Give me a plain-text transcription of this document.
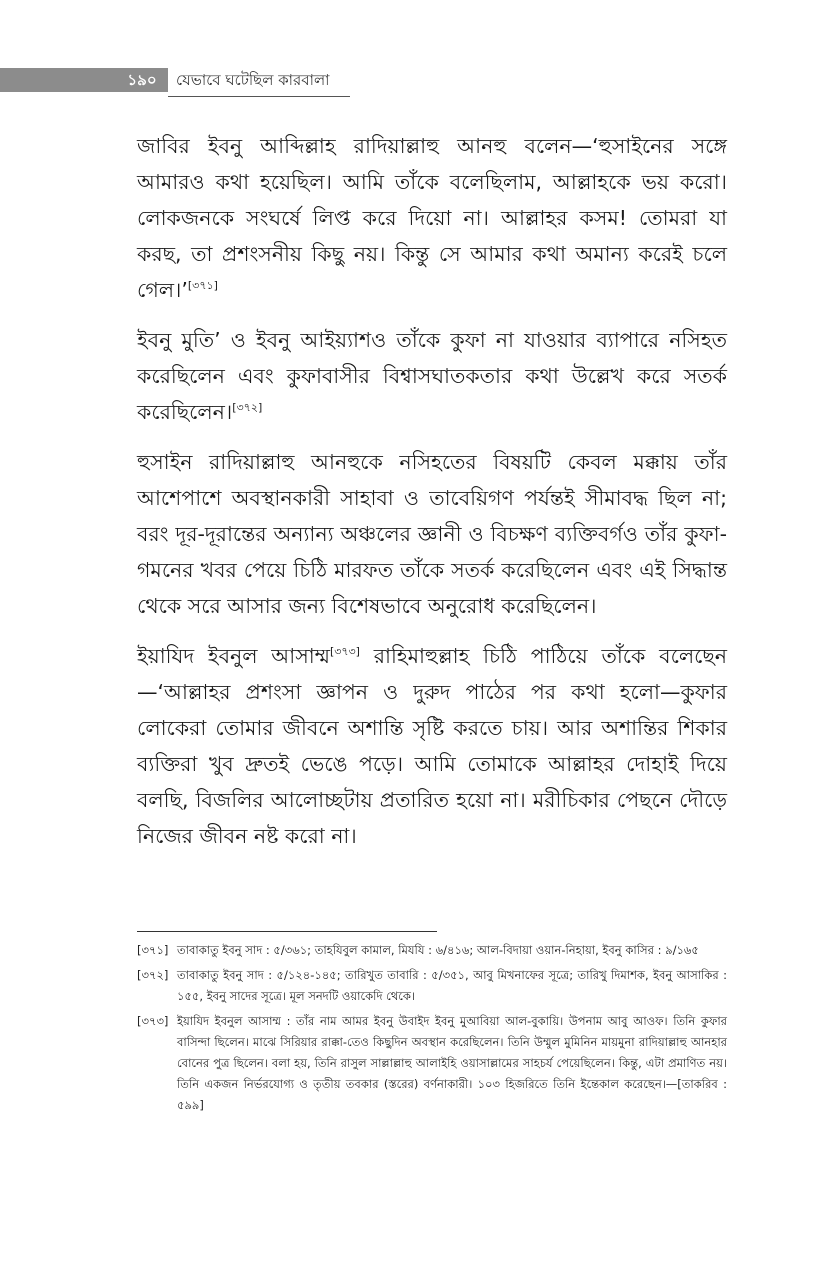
১৯০	যেভাবে ঘটেছিল কারবালা

জাবির ইবনু আব্দিল্লাহ রাদিয়াল্লাহু আনহু বলেন—‘হুসাইনের সঙ্গে আমারও কথা হয়েছিল। আমি তাঁকে বলেছিলাম, আল্লাহকে ভয় করো। লোকজনকে সংঘর্ষে লিপ্ত করে দিয়ো না। আল্লাহর কসম! তোমরা যা করছ, তা প্রশংসনীয় কিছু নয়। কিন্তু সে আমার কথা অমান্য করেই চলে গেল।’[৩৭১]

ইবনু মুতি’ ও ইবনু আইয়্যাশও তাঁকে কুফা না যাওয়ার ব্যাপারে নসিহত করেছিলেন এবং কুফাবাসীর বিশ্বাসঘাতকতার কথা উল্লেখ করে সতর্ক করেছিলেন।[৩৭২]

হুসাইন রাদিয়াল্লাহু আনহুকে নসিহতের বিষয়টি কেবল মক্কায় তাঁর আশেপাশে অবস্থানকারী সাহাবা ও তাবেয়িগণ পর্যন্তই সীমাবদ্ধ ছিল না; বরং দূর-দূরান্তের অন্যান্য অঞ্চলের জ্ঞানী ও বিচক্ষণ ব্যক্তিবর্গও তাঁর কুফা-গমনের খবর পেয়ে চিঠি মারফত তাঁকে সতর্ক করেছিলেন এবং এই সিদ্ধান্ত থেকে সরে আসার জন্য বিশেষভাবে অনুরোধ করেছিলেন।

ইয়াযিদ ইবনুল আসাম্ম[৩৭৩] রাহিমাহুল্লাহ চিঠি পাঠিয়ে তাঁকে বলেছেন—‘আল্লাহর প্রশংসা জ্ঞাপন ও দুরুদ পাঠের পর কথা হলো—কুফার লোকেরা তোমার জীবনে অশান্তি সৃষ্টি করতে চায়। আর অশান্তির শিকার ব্যক্তিরা খুব দ্রুতই ভেঙে পড়ে। আমি তোমাকে আল্লাহর দোহাই দিয়ে বলছি, বিজলির আলোচ্ছটায় প্রতারিত হয়ো না। মরীচিকার পেছনে দৌড়ে নিজের জীবন নষ্ট করো না।

[৩৭১] তাবাকাতু ইবনু সাদ : ৫/৩৬১; তাহযিবুল কামাল, মিযযি : ৬/৪১৬; আল-বিদায়া ওয়ান-নিহায়া, ইবনু কাসির : ৯/১৬৫
[৩৭২] তাবাকাতু ইবনু সাদ : ৫/১২৪-১৪৫; তারিখুত তাবারি : ৫/৩৫১, আবু মিখনাফের সূত্রে; তারিখু দিমাশক, ইবনু আসাকির : ১৫৫, ইবনু সাদের সূত্রে। মূল সনদটি ওয়াকেদি থেকে।
[৩৭৩] ইয়াযিদ ইবনুল আসাম্ম : তাঁর নাম আমর ইবনু উবাইদ ইবনু মুআবিয়া আল-বুকায়ি। উপনাম আবু আওফ। তিনি কুফার বাসিন্দা ছিলেন। মাঝে সিরিয়ার রাক্কা-তেও কিছুদিন অবস্থান করেছিলেন। তিনি উম্মুল মুমিনিন মায়মুনা রাদিয়াল্লাহু আনহার বোনের পুত্র ছিলেন। বলা হয়, তিনি রাসুল সাল্লাল্লাহু আলাইহি ওয়াসাল্লামের সাহচর্য পেয়েছিলেন। কিন্তু, এটা প্রমাণিত নয়। তিনি একজন নির্ভরযোগ্য ও তৃতীয় তবকার (স্তরের) বর্ণনাকারী। ১০৩ হিজরিতে তিনি ইন্তেকাল করেছেন।—[তাকরিব : ৫৯৯]
